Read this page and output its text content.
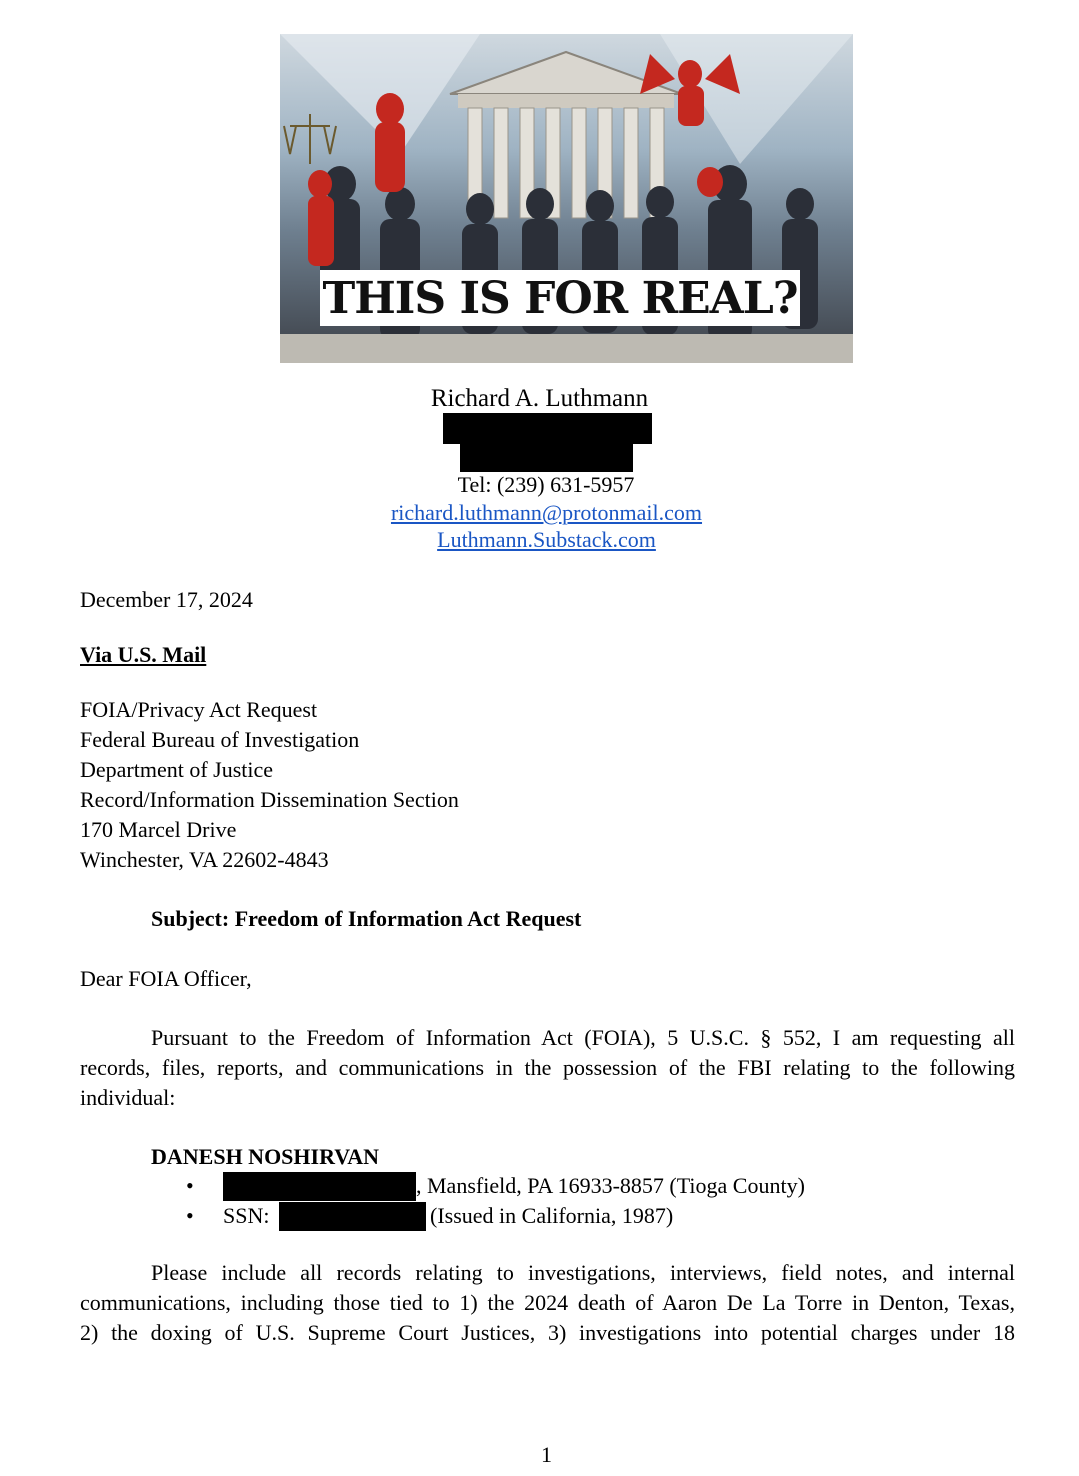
THIS IS FOR REAL?
Richard A. Luthmann
Tel: (239) 631-5957
richard.luthmann@protonmail.com
Luthmann.Substack.com
December 17, 2024
Via U.S. Mail
FOIA/Privacy Act Request
Federal Bureau of Investigation
Department of Justice
Record/Information Dissemination Section
170 Marcel Drive
Winchester, VA 22602-4843
Subject: Freedom of Information Act Request
Dear FOIA Officer,
Pursuant to the Freedom of Information Act (FOIA), 5 U.S.C. § 552, I am requesting all
records, files, reports, and communications in the possession of the FBI relating to the following
individual:
DANESH NOSHIRVAN
•	, Mansfield, PA 16933-8857 (Tioga County)
• SSN:	(Issued in California, 1987)
Please include all records relating to investigations, interviews, field notes, and internal
communications, including those tied to 1) the 2024 death of Aaron De La Torre in Denton, Texas,
2) the doxing of U.S. Supreme Court Justices, 3) investigations into potential charges under 18
1
